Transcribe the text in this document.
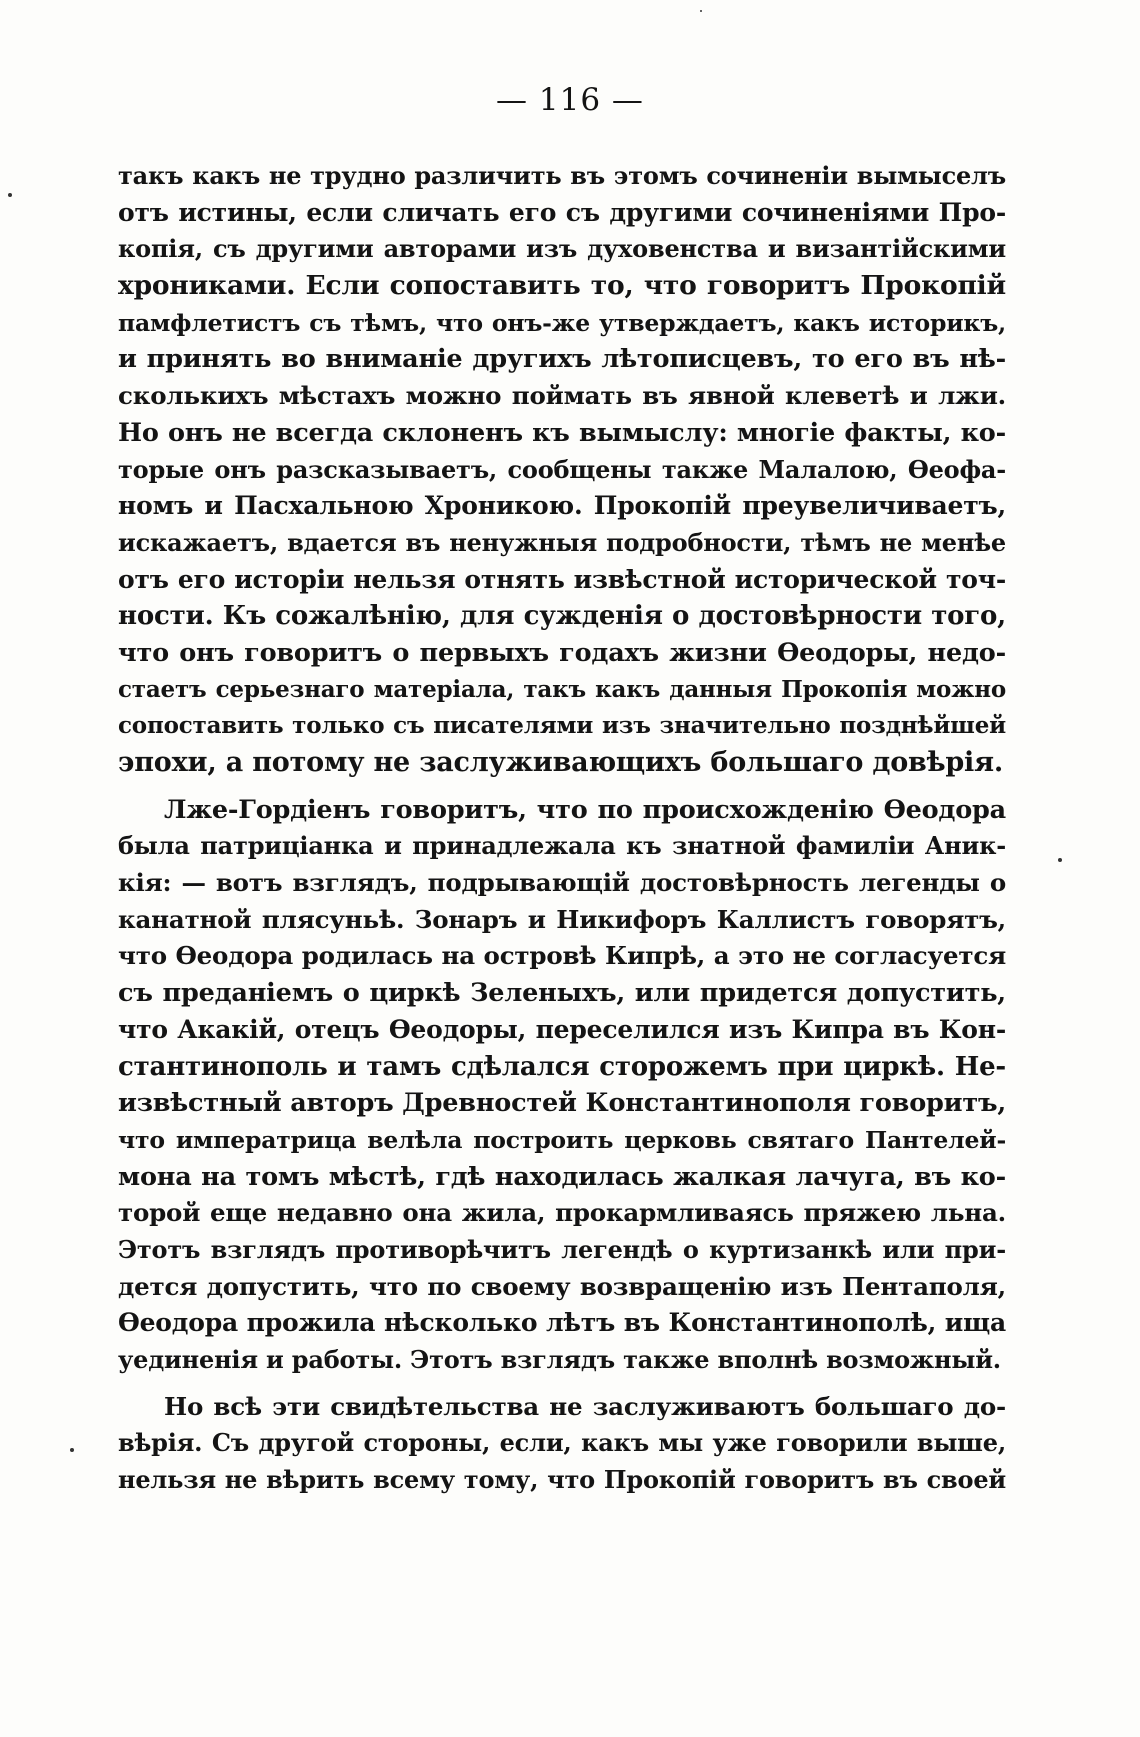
— 116 —
такъ какъ не трудно различить въ этомъ сочиненіи вымыселъ
отъ истины, если сличать его съ другими сочиненіями Про-
копія, съ другими авторами изъ духовенства и византійскими
хрониками. Если сопоставить то, что говоритъ Прокопій
памфлетистъ съ тѣмъ, что онъ-же утверждаетъ, какъ историкъ,
и принять во вниманіе другихъ лѣтописцевъ, то его въ нѣ-
сколькихъ мѣстахъ можно поймать въ явной клеветѣ и лжи.
Но онъ не всегда склоненъ къ вымыслу: многіе факты, ко-
торые онъ разсказываетъ, сообщены также Малалою, Ѳеофа-
номъ и Пасхальною Хроникою. Прокопій преувеличиваетъ,
искажаетъ, вдается въ ненужныя подробности, тѣмъ не менѣе
отъ его исторіи нельзя отнять извѣстной исторической точ-
ности. Къ сожалѣнію, для сужденія о достовѣрности того,
что онъ говоритъ о первыхъ годахъ жизни Ѳеодоры, недо-
стаетъ серьезнаго матеріала, такъ какъ данныя Прокопія можно
сопоставить только съ писателями изъ значительно позднѣйшей
эпохи, а потому не заслуживающихъ большаго довѣрія.
Лже-Гордіенъ говоритъ, что по происхожденію Ѳеодора
была патриціанка и принадлежала къ знатной фамиліи Аник-
кія: — вотъ взглядъ, подрывающій достовѣрность легенды о
канатной плясуньѣ. Зонаръ и Никифоръ Каллистъ говорятъ,
что Ѳеодора родилась на островѣ Кипрѣ, а это не согласуется
съ преданіемъ о циркѣ Зеленыхъ, или придется допустить,
что Акакій, отецъ Ѳеодоры, переселился изъ Кипра въ Кон-
стантинополь и тамъ сдѣлался сторожемъ при циркѣ. Не-
извѣстный авторъ Древностей Константинополя говоритъ,
что императрица велѣла построить церковь святаго Пантелей-
мона на томъ мѣстѣ, гдѣ находилась жалкая лачуга, въ ко-
торой еще недавно она жила, прокармливаясь пряжею льна.
Этотъ взглядъ противорѣчитъ легендѣ о куртизанкѣ или при-
дется допустить, что по своему возвращенію изъ Пентаполя,
Ѳеодора прожила нѣсколько лѣтъ въ Константинополѣ, ища
уединенія и работы. Этотъ взглядъ также вполнѣ возможный.
Но всѣ эти свидѣтельства не заслуживаютъ большаго до-
вѣрія. Съ другой стороны, если, какъ мы уже говорили выше,
нельзя не вѣрить всему тому, что Прокопій говоритъ въ своей
